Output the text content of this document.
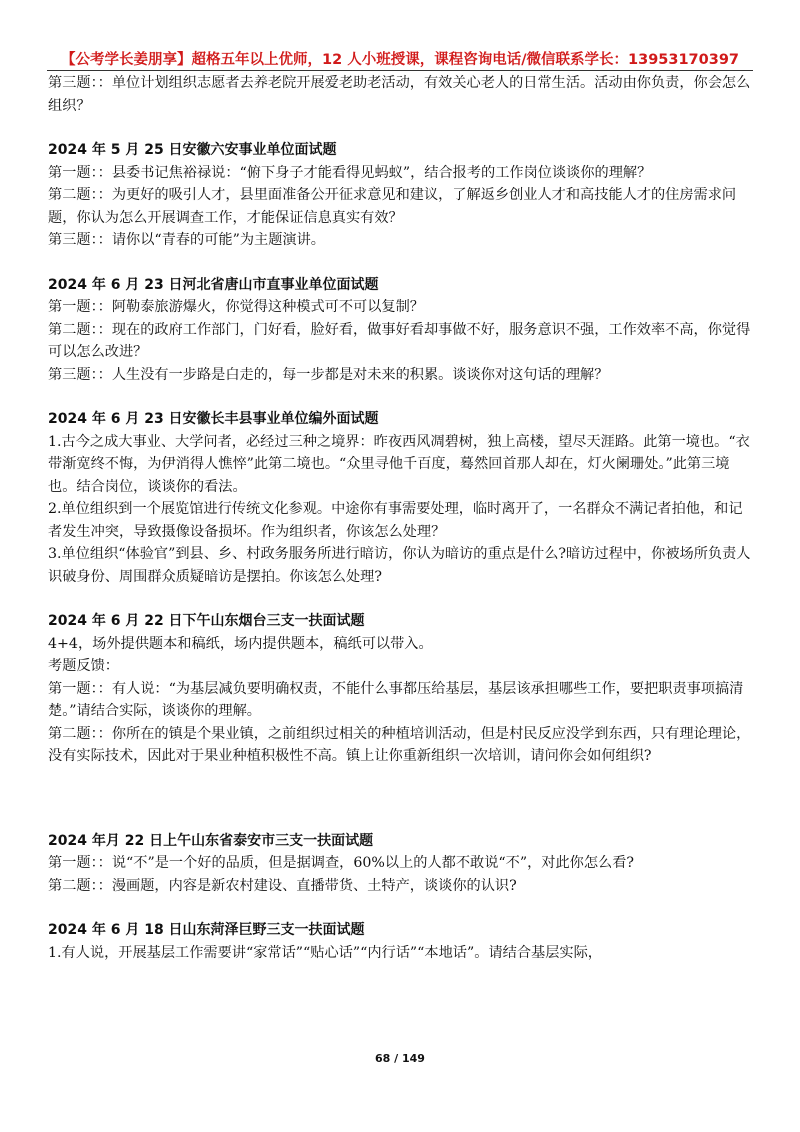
【公考学长姜朋享】超格五年以上优师，12 人小班授课，课程咨询电话/微信联系学长：13953170397

第三题：：单位计划组织志愿者去养老院开展爱老助老活动，有效关心老人的日常生活。活动由你负责，你会怎么组织？

2024 年 5 月 25 日安徽六安事业单位面试题

第一题：：县委书记焦裕禄说：“俯下身子才能看得见蚂蚁”，结合报考的工作岗位谈谈你的理解？

第二题：：为更好的吸引人才，县里面准备公开征求意见和建议，了解返乡创业人才和高技能人才的住房需求问题，你认为怎么开展调查工作，才能保证信息真实有效？

第三题：：请你以“青春的可能”为主题演讲。

2024 年 6 月 23 日河北省唐山市直事业单位面试题

第一题：：阿勒泰旅游爆火，你觉得这种模式可不可以复制？

第二题：：现在的政府工作部门，门好看，脸好看，做事好看却事做不好，服务意识不强，工作效率不高，你觉得可以怎么改进？

第三题：：人生没有一步路是白走的，每一步都是对未来的积累。谈谈你对这句话的理解？

2024 年 6 月 23 日安徽长丰县事业单位编外面试题

1.古今之成大事业、大学问者，必经过三种之境界：昨夜西风凋碧树，独上高楼，望尽天涯路。此第一境也。“衣带渐宽终不悔，为伊消得人憔悴”此第二境也。“众里寻他千百度，蓦然回首那人却在，灯火阑珊处。”此第三境也。结合岗位，谈谈你的看法。

2.单位组织到一个展览馆进行传统文化参观。中途你有事需要处理，临时离开了，一名群众不满记者拍他，和记者发生冲突，导致摄像设备损坏。作为组织者，你该怎么处理？

3.单位组织“体验官”到县、乡、村政务服务所进行暗访，你认为暗访的重点是什么?暗访过程中，你被场所负责人识破身份、周围群众质疑暗访是摆拍。你该怎么处理?

2024 年 6 月 22 日下午山东烟台三支一扶面试题

4+4，场外提供题本和稿纸，场内提供题本，稿纸可以带入。

考题反馈：

第一题：：有人说：“为基层减负要明确权责，不能什么事都压给基层，基层该承担哪些工作，要把职责事项搞清楚。”请结合实际，谈谈你的理解。

第二题：：你所在的镇是个果业镇，之前组织过相关的种植培训活动，但是村民反应没学到东西，只有理论理论，没有实际技术，因此对于果业种植积极性不高。镇上让你重新组织一次培训，请问你会如何组织?

2024 年月 22 日上午山东省泰安市三支一扶面试题

第一题：：说“不”是一个好的品质，但是据调查，60%以上的人都不敢说“不”，对此你怎么看?

第二题：：漫画题，内容是新农村建设、直播带货、土特产，谈谈你的认识?

2024 年 6 月 18 日山东菏泽巨野三支一扶面试题

1.有人说，开展基层工作需要讲“家常话”“贴心话”“内行话”“本地话”。请结合基层实际，

68 / 149
